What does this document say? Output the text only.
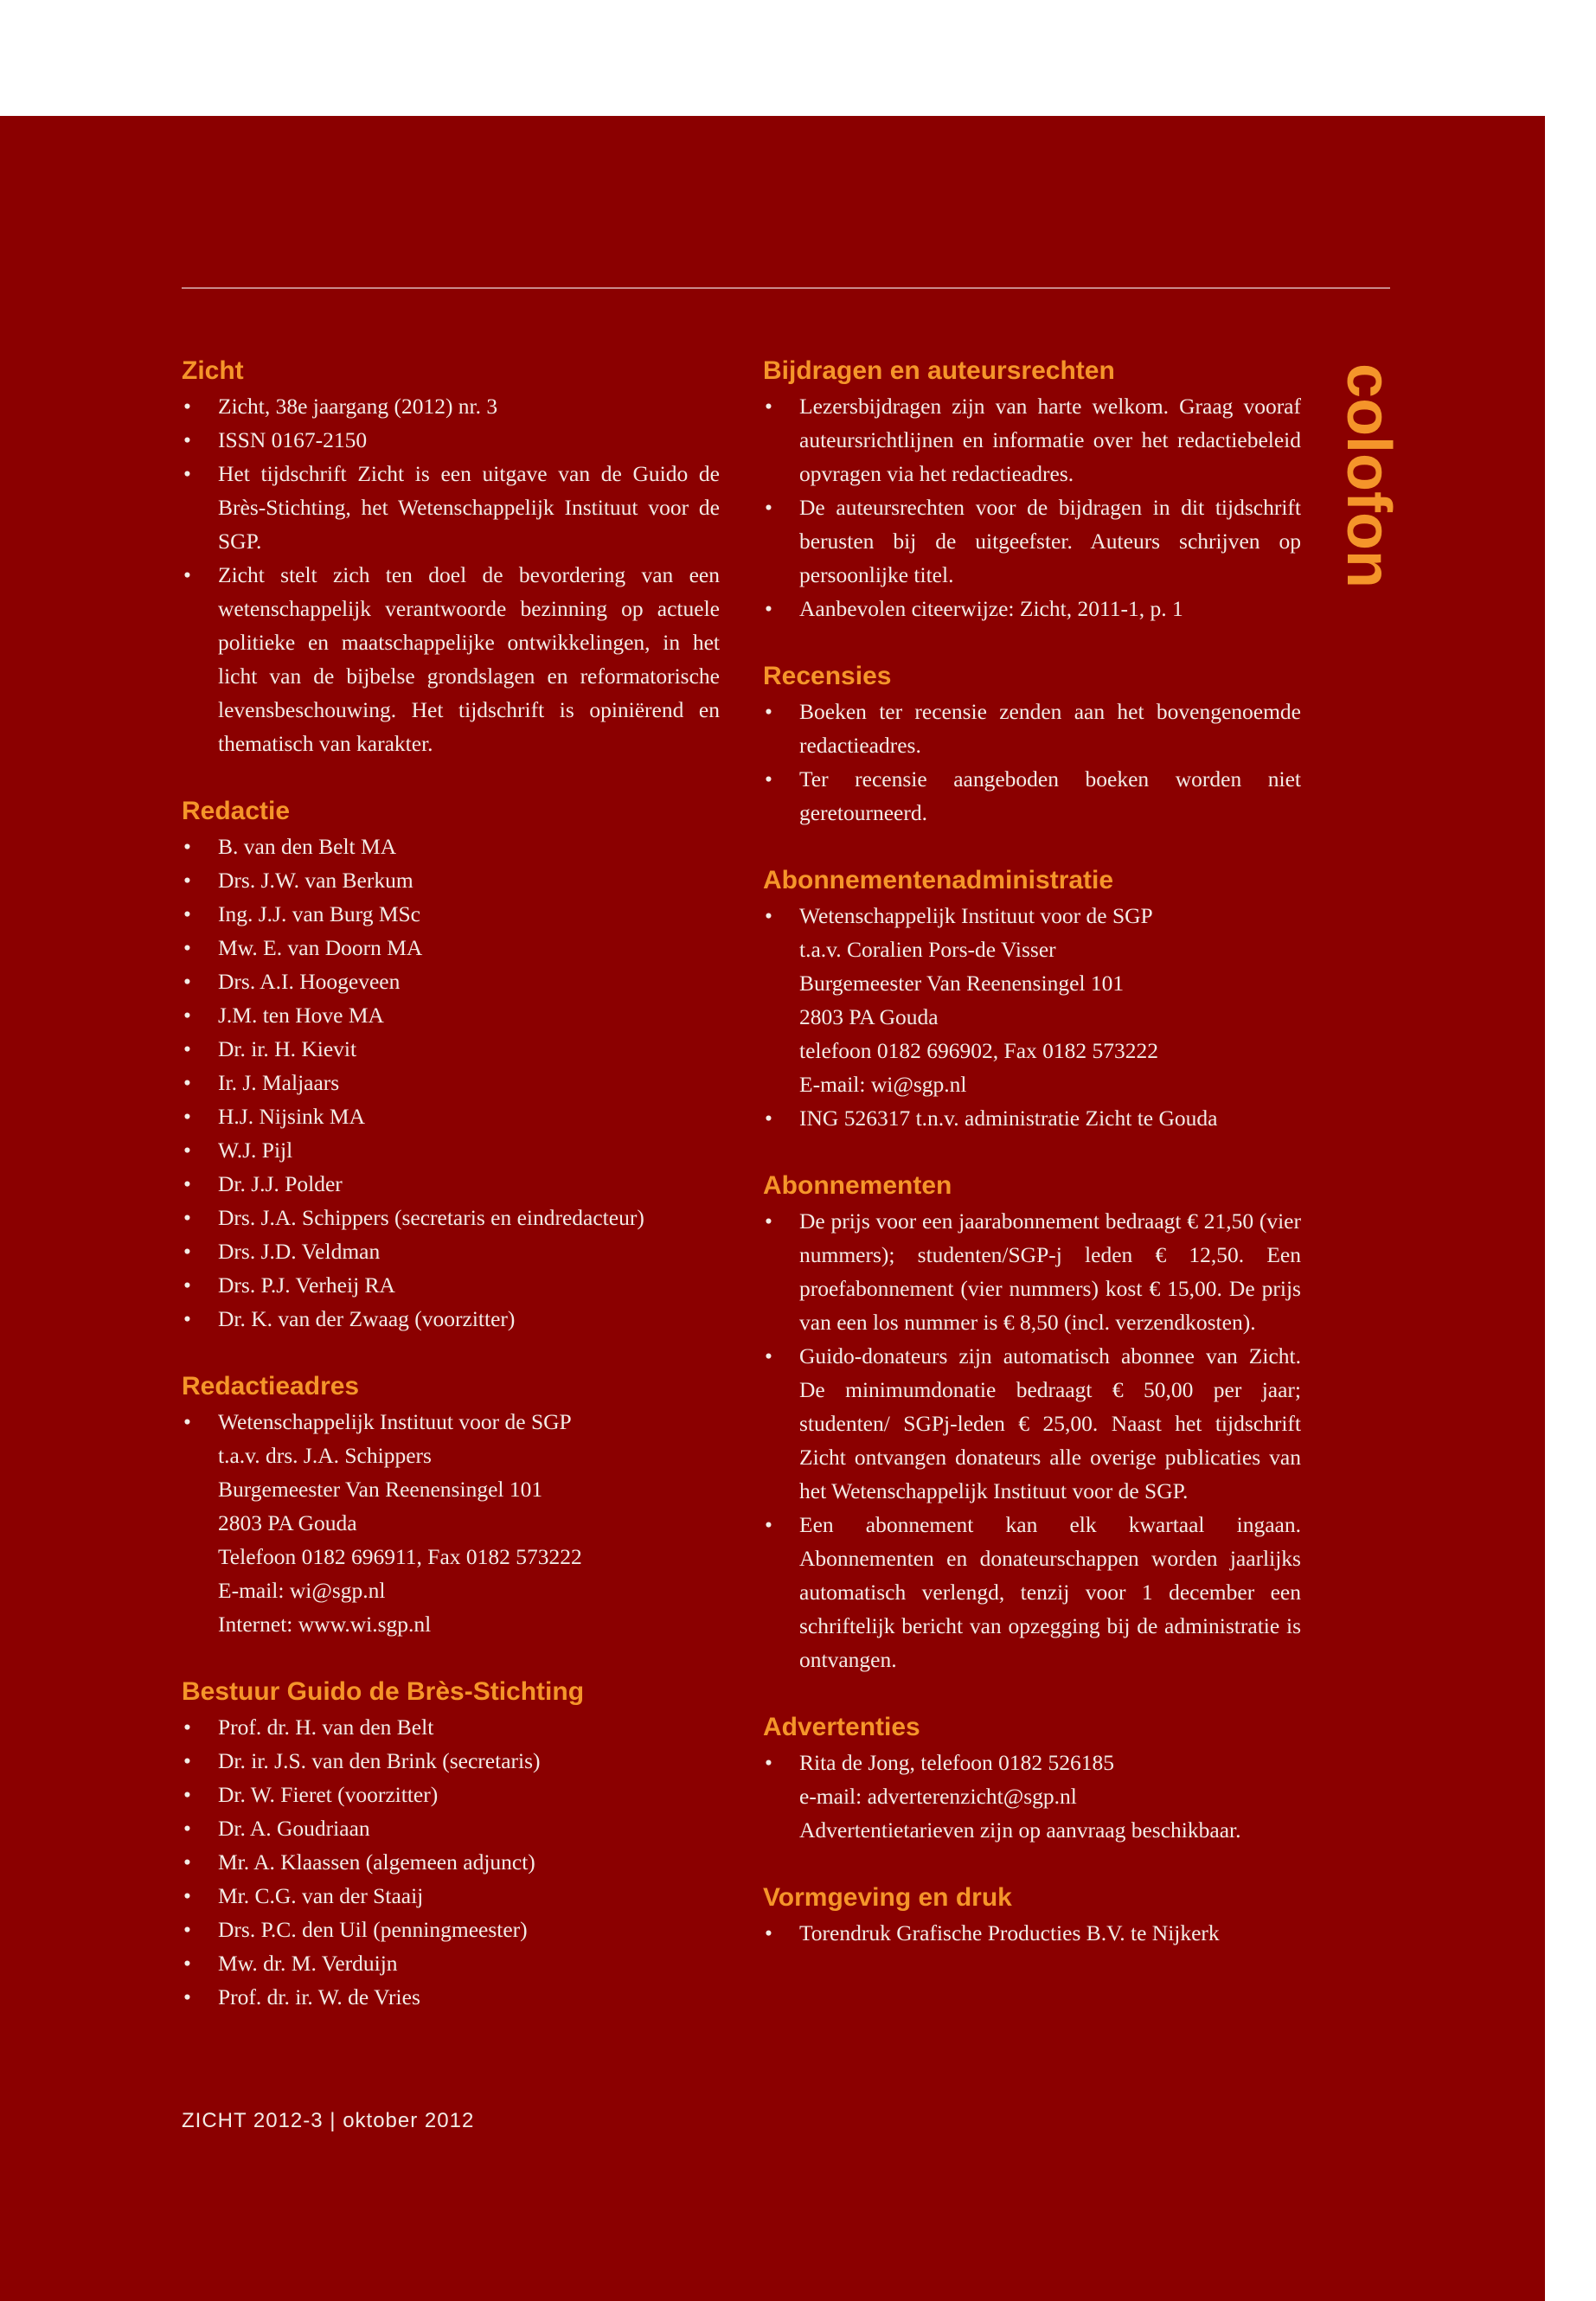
Zicht
• Zicht, 38e jaargang (2012) nr. 3
• ISSN 0167-2150
• Het tijdschrift Zicht is een uitgave van de Guido de Brès-Stichting, het Wetenschappelijk Instituut voor de SGP.
• Zicht stelt zich ten doel de bevordering van een wetenschappelijk verantwoorde bezinning op actuele politieke en maatschappelijke ontwikkelingen, in het licht van de bijbelse grondslagen en reformatorische levensbeschouwing. Het tijdschrift is opiniërend en thematisch van karakter.
Redactie
• B. van den Belt MA
• Drs. J.W. van Berkum
• Ing. J.J. van Burg MSc
• Mw. E. van Doorn MA
• Drs. A.I. Hoogeveen
• J.M. ten Hove MA
• Dr. ir. H. Kievit
• Ir. J. Maljaars
• H.J. Nijsink MA
• W.J. Pijl
• Dr. J.J. Polder
• Drs. J.A. Schippers (secretaris en eindredacteur)
• Drs. J.D. Veldman
• Drs. P.J. Verheij RA
• Dr. K. van der Zwaag (voorzitter)
Redactieadres
• Wetenschappelijk Instituut voor de SGP
t.a.v. drs. J.A. Schippers
Burgemeester Van Reenensingel 101
2803 PA Gouda
Telefoon 0182 696911, Fax 0182 573222
E-mail: wi@sgp.nl
Internet: www.wi.sgp.nl
Bestuur Guido de Brès-Stichting
• Prof. dr. H. van den Belt
• Dr. ir. J.S. van den Brink (secretaris)
• Dr. W. Fieret (voorzitter)
• Dr. A. Goudriaan
• Mr. A. Klaassen (algemeen adjunct)
• Mr. C.G. van der Staaij
• Drs. P.C. den Uil (penningmeester)
• Mw. dr. M. Verduijn
• Prof. dr. ir. W. de Vries
Bijdragen en auteursrechten
• Lezersbijdragen zijn van harte welkom. Graag vooraf auteursrichtlijnen en informatie over het redactiebeleid opvragen via het redactieadres.
• De auteursrechten voor de bijdragen in dit tijdschrift berusten bij de uitgeefster. Auteurs schrijven op persoonlijke titel.
• Aanbevolen citeerwijze: Zicht, 2011-1, p. 1
Recensies
• Boeken ter recensie zenden aan het bovengenoemde redactieadres.
• Ter recensie aangeboden boeken worden niet geretourneerd.
Abonnementenadministratie
• Wetenschappelijk Instituut voor de SGP
t.a.v. Coralien Pors-de Visser
Burgemeester Van Reenensingel 101
2803 PA Gouda
telefoon 0182 696902, Fax 0182 573222
E-mail: wi@sgp.nl
• ING 526317 t.n.v. administratie Zicht te Gouda
Abonnementen
• De prijs voor een jaarabonnement bedraagt € 21,50 (vier nummers); studenten/SGP-j leden € 12,50. Een proefabonnement (vier nummers) kost € 15,00. De prijs van een los nummer is € 8,50 (incl. verzendkosten).
• Guido-donateurs zijn automatisch abonnee van Zicht. De minimumdonatie bedraagt € 50,00 per jaar; studenten/ SGPj-leden € 25,00. Naast het tijdschrift Zicht ontvangen donateurs alle overige publicaties van het Wetenschappelijk Instituut voor de SGP.
• Een abonnement kan elk kwartaal ingaan. Abonnementen en donateurschappen worden jaarlijks automatisch verlengd, tenzij voor 1 december een schriftelijk bericht van opzegging bij de administratie is ontvangen.
Advertenties
• Rita de Jong, telefoon 0182 526185
e-mail: adverterenzicht@sgp.nl
Advertentietarieven zijn op aanvraag beschikbaar.
Vormgeving en druk
• Torendruk Grafische Producties B.V. te Nijkerk
colofon
ZICHT 2012-3 | oktober 2012
